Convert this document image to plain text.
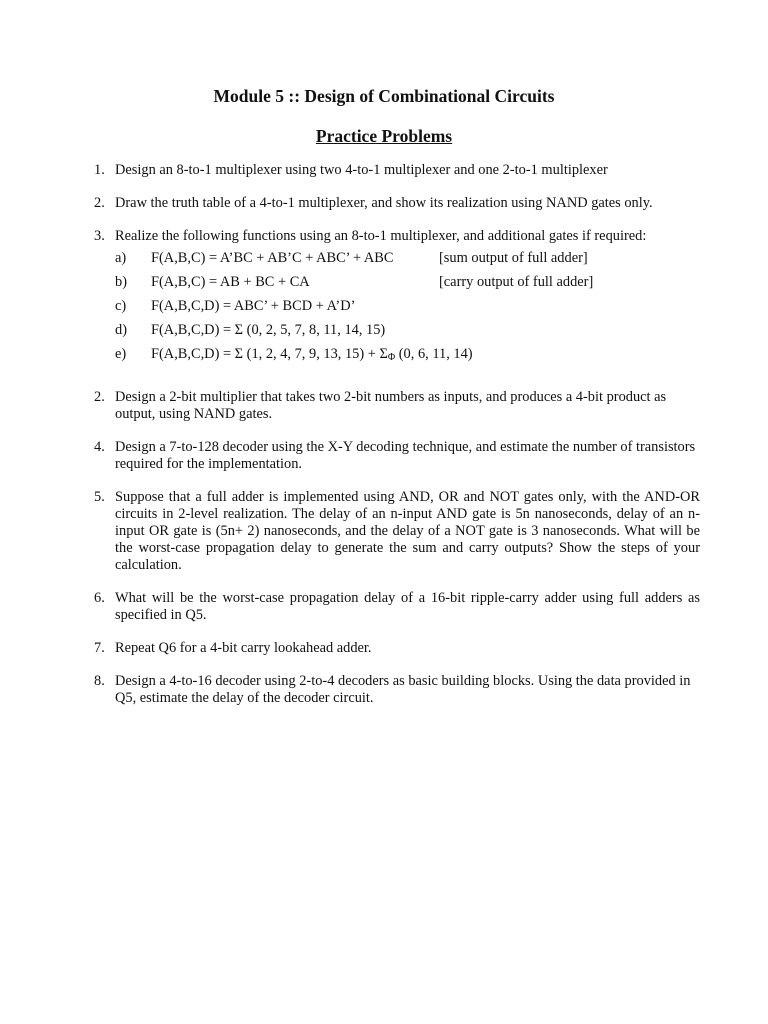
Module 5 :: Design of Combinational Circuits
Practice Problems
1. Design an 8-to-1 multiplexer using two 4-to-1 multiplexer and one 2-to-1 multiplexer
2. Draw the truth table of a 4-to-1 multiplexer, and show its realization using NAND gates only.
3. Realize the following functions using an 8-to-1 multiplexer, and additional gates if required:
a)	F(A,B,C) = A’BC + AB’C + ABC’ + ABC	[sum output of full adder]
b)	F(A,B,C) = AB + BC + CA	[carry output of full adder]
c)	F(A,B,C,D) = ABC’ + BCD + A’D’
d)	F(A,B,C,D) = Σ (0, 2, 5, 7, 8, 11, 14, 15)
e)	F(A,B,C,D) = Σ (1, 2, 4, 7, 9, 13, $15) + \Sigma_\Phi$ (0, 6, 11, 14)
2. Design a 2-bit multiplier that takes two 2-bit numbers as inputs, and produces a 4-bit product as output, using NAND gates.
4. Design a 7-to-128 decoder using the X-Y decoding technique, and estimate the number of transistors required for the implementation.
5. Suppose that a full adder is implemented using AND, OR and NOT gates only, with the AND-OR circuits in 2-level realization. The delay of an n-input AND gate is 5n nanoseconds, delay of an n-input OR gate is (5n+ 2) nanoseconds, and the delay of a NOT gate is 3 nanoseconds. What will be the worst-case propagation delay to generate the sum and carry outputs? Show the steps of your calculation.
6. What will be the worst-case propagation delay of a 16-bit ripple-carry adder using full adders as specified in Q5.
7. Repeat Q6 for a 4-bit carry lookahead adder.
8. Design a 4-to-16 decoder using 2-to-4 decoders as basic building blocks. Using the data provided in Q5, estimate the delay of the decoder circuit.
